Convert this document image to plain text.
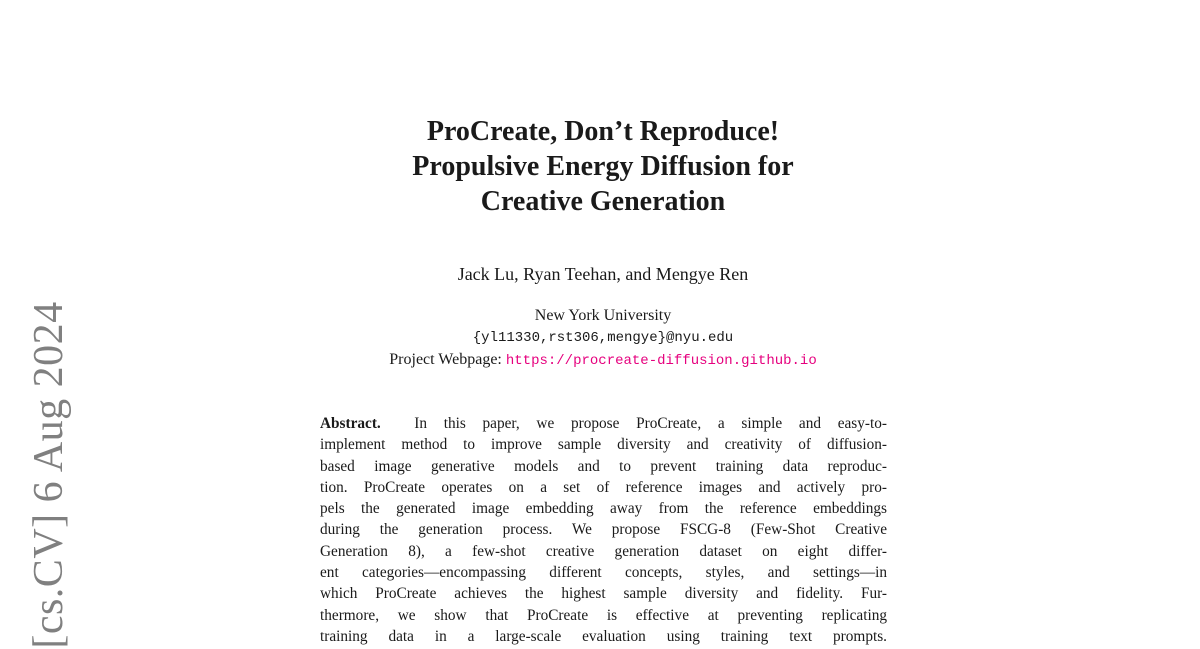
[cs.CV] 6 Aug 2024
ProCreate, Don’t Reproduce!
Propulsive Energy Diffusion for
Creative Generation
Jack Lu, Ryan Teehan, and Mengye Ren
New York University
{yl11330,rst306,mengye}@nyu.edu
Project Webpage: https://procreate-diffusion.github.io
Abstract. In this paper, we propose ProCreate, a simple and easy-to-
implement method to improve sample diversity and creativity of diffusion-
based image generative models and to prevent training data reproduc-
tion. ProCreate operates on a set of reference images and actively pro-
pels the generated image embedding away from the reference embeddings
during the generation process. We propose FSCG-8 (Few-Shot Creative
Generation 8), a few-shot creative generation dataset on eight differ-
ent categories—encompassing different concepts, styles, and settings—in
which ProCreate achieves the highest sample diversity and fidelity. Fur-
thermore, we show that ProCreate is effective at preventing replicating
training data in a large-scale evaluation using training text prompts.
